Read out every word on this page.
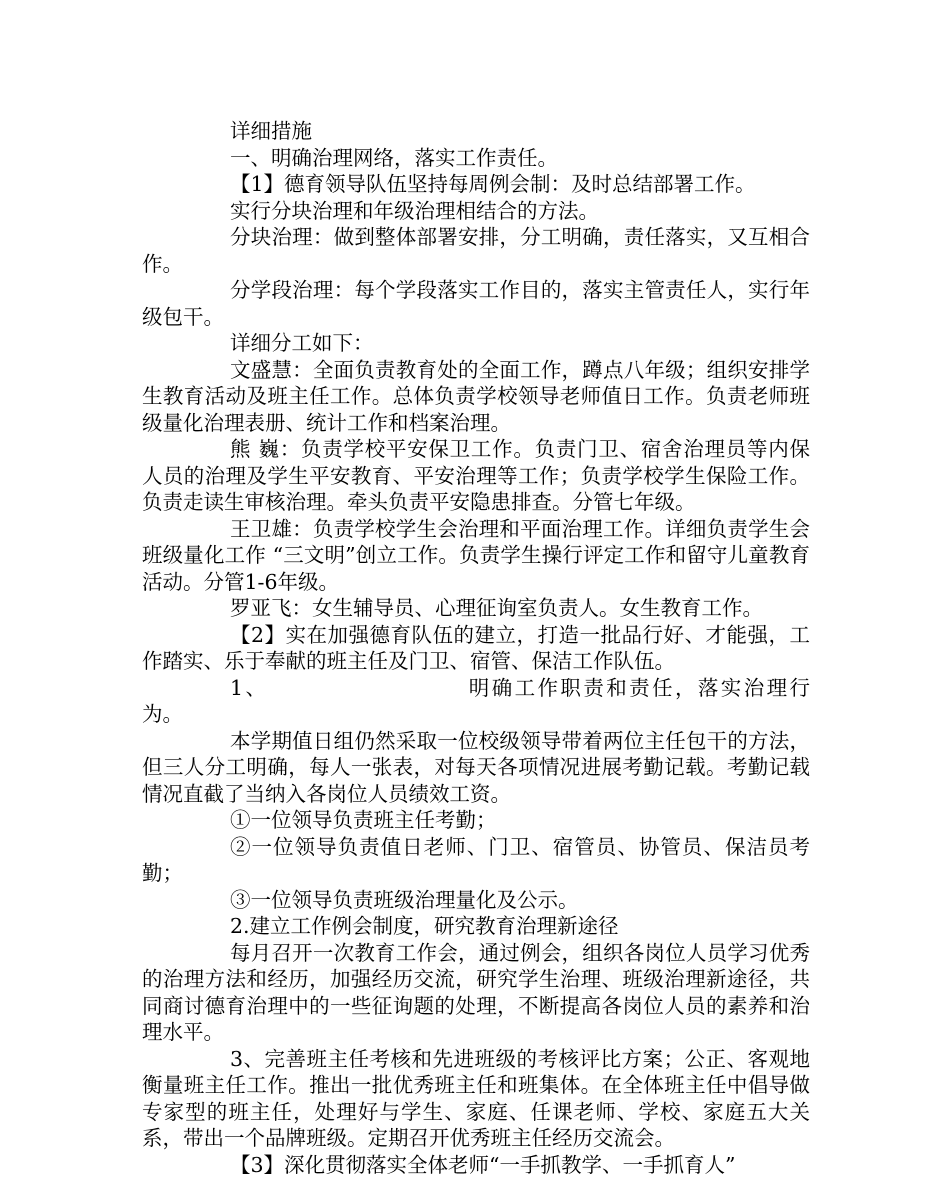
详细措施

一、明确治理网络，落实工作责任。

【1】德育领导队伍坚持每周例会制：及时总结部署工作。

实行分块治理和年级治理相结合的方法。

分块治理：做到整体部署安排，分工明确，责任落实，又互相合作。

分学段治理：每个学段落实工作目的，落实主管责任人，实行年级包干。

详细分工如下：

文盛慧：全面负责教育处的全面工作，蹲点八年级；组织安排学生教育活动及班主任工作。总体负责学校领导老师值日工作。负责老师班级量化治理表册、统计工作和档案治理。

熊 巍：负责学校平安保卫工作。负责门卫、宿舍治理员等内保人员的治理及学生平安教育、平安治理等工作；负责学校学生保险工作。负责走读生审核治理。牵头负责平安隐患排查。分管七年级。

王卫雄：负责学校学生会治理和平面治理工作。详细负责学生会班级量化工作 “三文明”创立工作。负责学生操行评定工作和留守儿童教育活动。分管1-6年级。

罗亚飞：女生辅导员、心理征询室负责人。女生教育工作。

【2】实在加强德育队伍的建立，打造一批品行好、才能强，工作踏实、乐于奉献的班主任及门卫、宿管、保洁工作队伍。

1、	明确工作职责和责任，落实治理行为。

本学期值日组仍然采取一位校级领导带着两位主任包干的方法，但三人分工明确，每人一张表，对每天各项情况进展考勤记载。考勤记载情况直截了当纳入各岗位人员绩效工资。

①一位领导负责班主任考勤；

②一位领导负责值日老师、门卫、宿管员、协管员、保洁员考勤；

③一位领导负责班级治理量化及公示。

2.建立工作例会制度，研究教育治理新途径

每月召开一次教育工作会，通过例会，组织各岗位人员学习优秀的治理方法和经历，加强经历交流，研究学生治理、班级治理新途径，共同商讨德育治理中的一些征询题的处理，不断提高各岗位人员的素养和治理水平。

3、完善班主任考核和先进班级的考核评比方案；公正、客观地衡量班主任工作。推出一批优秀班主任和班集体。在全体班主任中倡导做专家型的班主任，处理好与学生、家庭、任课老师、学校、家庭五大关系，带出一个品牌班级。定期召开优秀班主任经历交流会。

【3】深化贯彻落实全体老师“一手抓教学、一手抓育人”
